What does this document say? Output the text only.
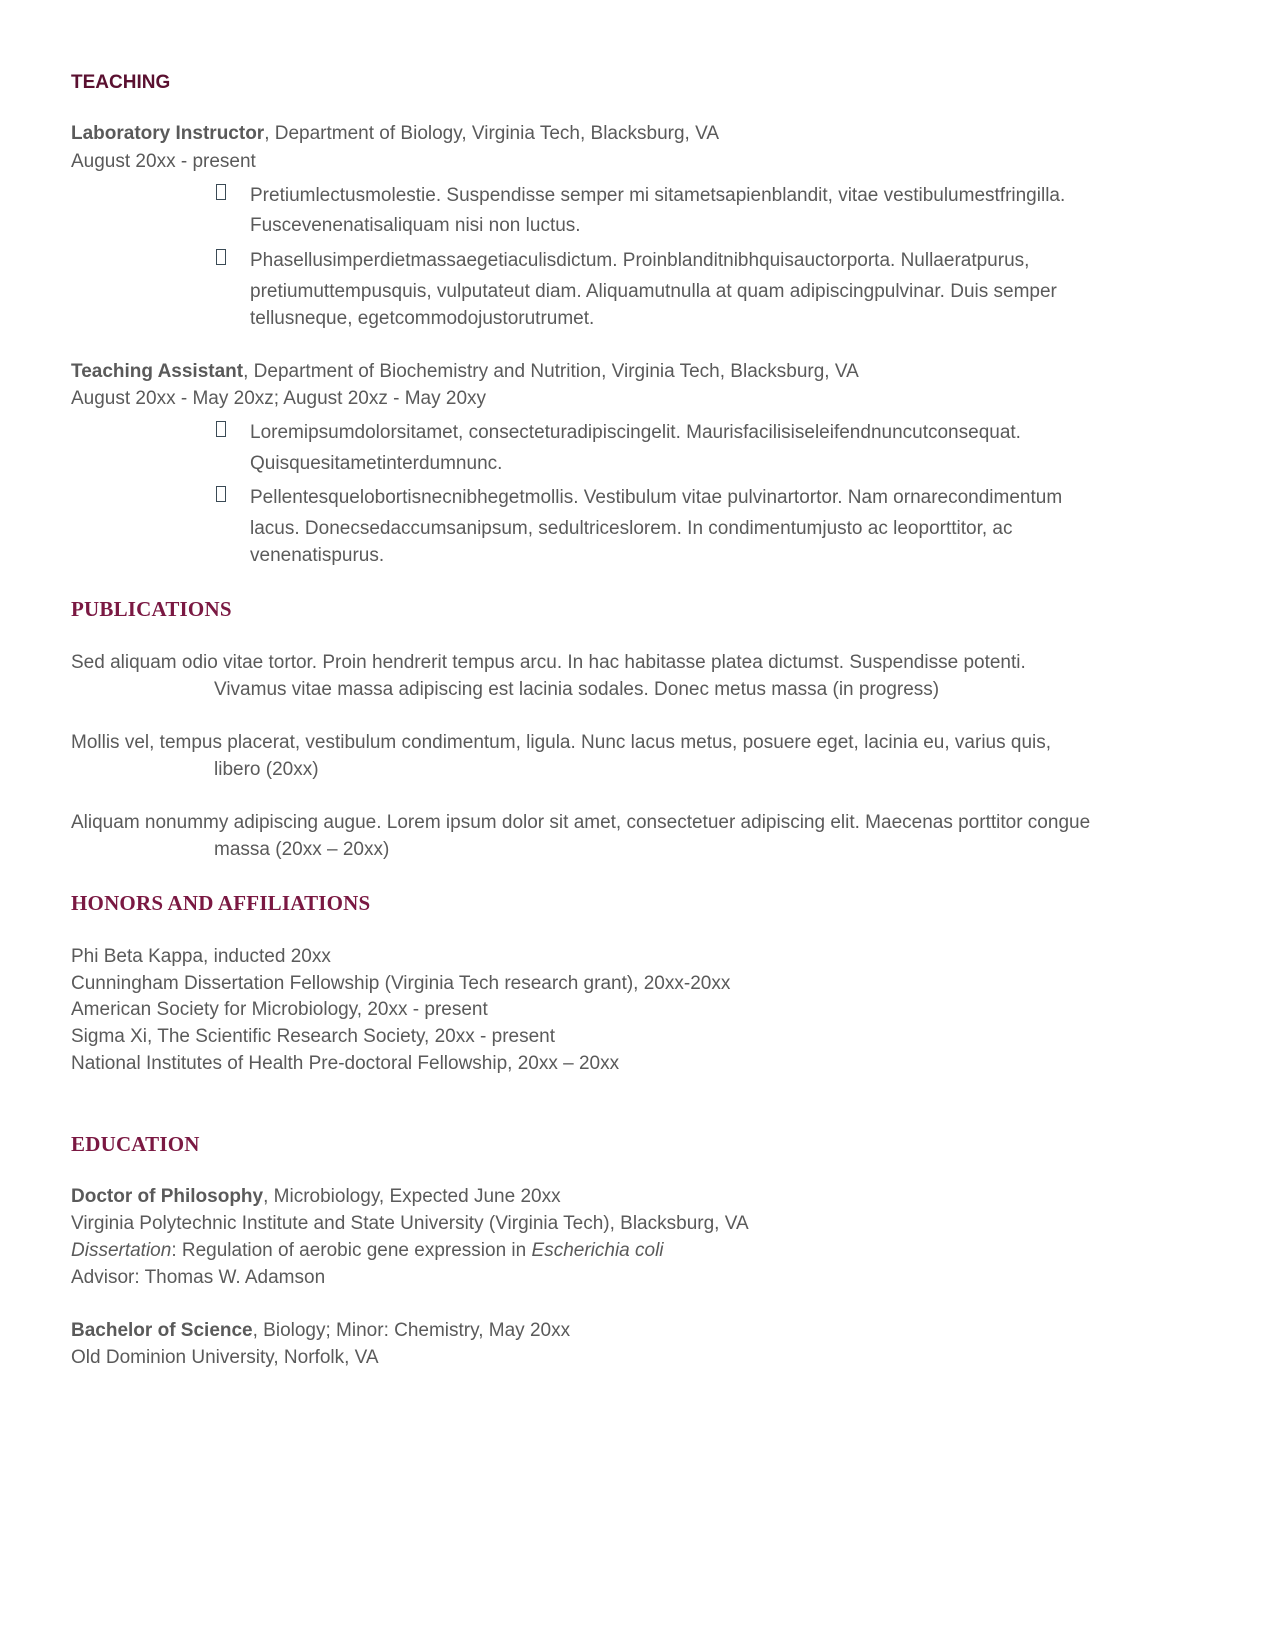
TEACHING
Laboratory Instructor, Department of Biology, Virginia Tech, Blacksburg, VA
August 20xx - present
Pretiumlectusmolestie. Suspendisse semper mi sitametsapienblandit, vitae vestibulumestfringilla.
Fuscevenenatisaliquam nisi non luctus.
Phasellusimperdietmassaegetiaculisdictum. Proinblanditnibhquisauctorporta. Nullaeratpurus,
pretiumuttempusquis, vulputateut diam. Aliquamutnulla at quam adipiscingpulvinar. Duis semper
tellusneque, egetcommodojustorutrumet.
Teaching Assistant, Department of Biochemistry and Nutrition, Virginia Tech, Blacksburg, VA
August 20xx - May 20xz; August 20xz - May 20xy
Loremipsumdolorsitamet, consecteturadipiscingelit. Maurisfacilisiseleifendnuncutconsequat.
Quisquesitametinterdumnunc.
Pellentesquelobortisnecnibhegetmollis. Vestibulum vitae pulvinartortor. Nam ornarecondimentum
lacus. Donecsedaccumsanipsum, sedultriceslorem. In condimentumjusto ac leoporttitor, ac
venenatispurus.
PUBLICATIONS
Sed aliquam odio vitae tortor. Proin hendrerit tempus arcu. In hac habitasse platea dictumst. Suspendisse potenti.
Vivamus vitae massa adipiscing est lacinia sodales. Donec metus massa (in progress)
Mollis vel, tempus placerat, vestibulum condimentum, ligula. Nunc lacus metus, posuere eget, lacinia eu, varius quis,
libero (20xx)
Aliquam nonummy adipiscing augue. Lorem ipsum dolor sit amet, consectetuer adipiscing elit. Maecenas porttitor congue
massa (20xx – 20xx)
HONORS AND AFFILIATIONS
Phi Beta Kappa, inducted 20xx
Cunningham Dissertation Fellowship (Virginia Tech research grant), 20xx-20xx
American Society for Microbiology, 20xx - present
Sigma Xi, The Scientific Research Society, 20xx - present
National Institutes of Health Pre-doctoral Fellowship, 20xx – 20xx
EDUCATION
Doctor of Philosophy, Microbiology, Expected June 20xx
Virginia Polytechnic Institute and State University (Virginia Tech), Blacksburg, VA
Dissertation: Regulation of aerobic gene expression in Escherichia coli
Advisor: Thomas W. Adamson
Bachelor of Science, Biology; Minor: Chemistry, May 20xx
Old Dominion University, Norfolk, VA
